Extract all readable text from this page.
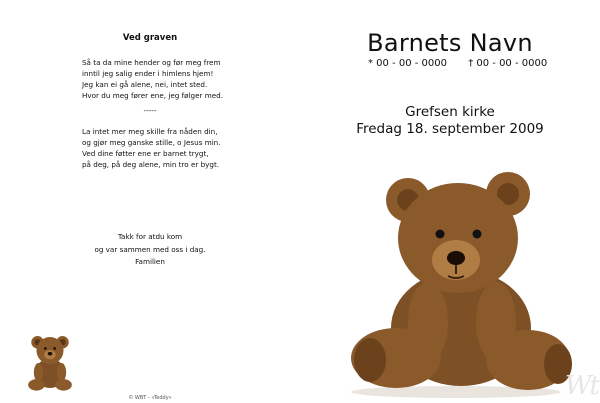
Ved graven
Så ta da mine hender og før meg frem
inntil jeg salig ender i himlens hjem!
Jeg kan ei gå alene, nei, intet sted.
Hvor du meg fører ene, jeg følger med.
-----
La intet mer meg skille fra nåden din,
og gjør meg ganske stille, o Jesus min.
Ved dine føtter ene er barnet trygt,
på deg, på deg alene, min tro er bygt.
Takk for atdu kom
og var sammen med oss i dag.
Familien
© WBT - «Teddy»
Barnets Navn
* 00 - 00 - 0000 † 00 - 00 - 0000
Grefsen kirke
Fredag 18. september 2009
Wt
